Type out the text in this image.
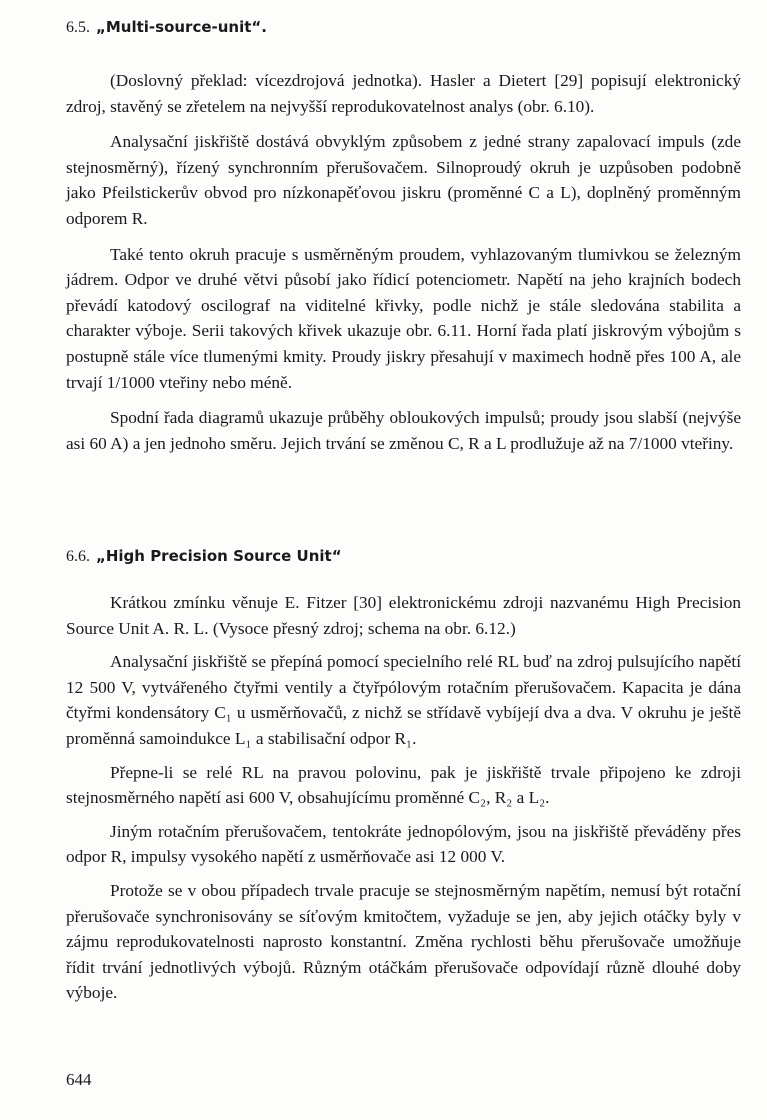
6.5. „Multi-source-unit“.

(Doslovný překlad: vícezdrojová jednotka). Hasler a Dietert [29] popisují elektronický zdroj, stavěný se zřetelem na nejvyšší reprodukovatelnost analys (obr. 6.10).

Analysační jiskřiště dostává obvyklým způsobem z jedné strany zapalovací impuls (zde stejnosměrný), řízený synchronním přerušovačem. Silnoproudý okruh je uzpůsoben podobně jako Pfeilstickerův obvod pro nízkonapěťovou jiskru (proměnné C a L), doplněný proměnným odporem R.

Také tento okruh pracuje s usměrněným proudem, vyhlazovaným tlumivkou se železným jádrem. Odpor ve druhé větvi působí jako řídicí potenciometr. Napětí na jeho krajních bodech převádí katodový oscilograf na viditelné křivky, podle nichž je stále sledována stabilita a charakter výboje. Serii takových křivek ukazuje obr. 6.11. Horní řada platí jiskrovým výbojům s postupně stále více tlumenými kmity. Proudy jiskry přesahují v maximech hodně přes 100 A, ale trvají 1/1000 vteřiny nebo méně.

Spodní řada diagramů ukazuje průběhy obloukových impulsů; proudy jsou slabší (nejvýše asi 60 A) a jen jednoho směru. Jejich trvání se změnou C, R a L prodlužuje až na 7/1000 vteřiny.

6.6. „High Precision Source Unit“

Krátkou zmínku věnuje E. Fitzer [30] elektronickému zdroji nazvanému High Precision Source Unit A. R. L. (Vysoce přesný zdroj; schema na obr. 6.12.)

Analysační jiskřiště se přepíná pomocí specielního relé RL buď na zdroj pulsujícího napětí 12 500 V, vytvářeného čtyřmi ventily a čtyřpólovým rotačním přerušovačem. Kapacita je dána čtyřmi kondensátory C₁ u usměrňovačů, z nichž se střídavě vybíjejí dva a dva. V okruhu je ještě proměnná samoindukce L₁ a stabilisační odpor R₁.

Přepne-li se relé RL na pravou polovinu, pak je jiskřiště trvale připojeno ke zdroji stejnosměrného napětí asi 600 V, obsahujícímu proměnné C₂, R₂ a L₂.

Jiným rotačním přerušovačem, tentokráte jednopólovým, jsou na jiskřiště převáděny přes odpor R, impulsy vysokého napětí z usměrňovače asi 12 000 V.

Protože se v obou případech trvale pracuje se stejnosměrným napětím, nemusí být rotační přerušovače synchronisovány se síťovým kmitočtem, vyžaduje se jen, aby jejich otáčky byly v zájmu reprodukovatelnosti naprosto konstantní. Změna rychlosti běhu přerušovače umožňuje řídit trvání jednotlivých výbojů. Různým otáčkám přerušovače odpovídají různě dlouhé doby výboje.

644
